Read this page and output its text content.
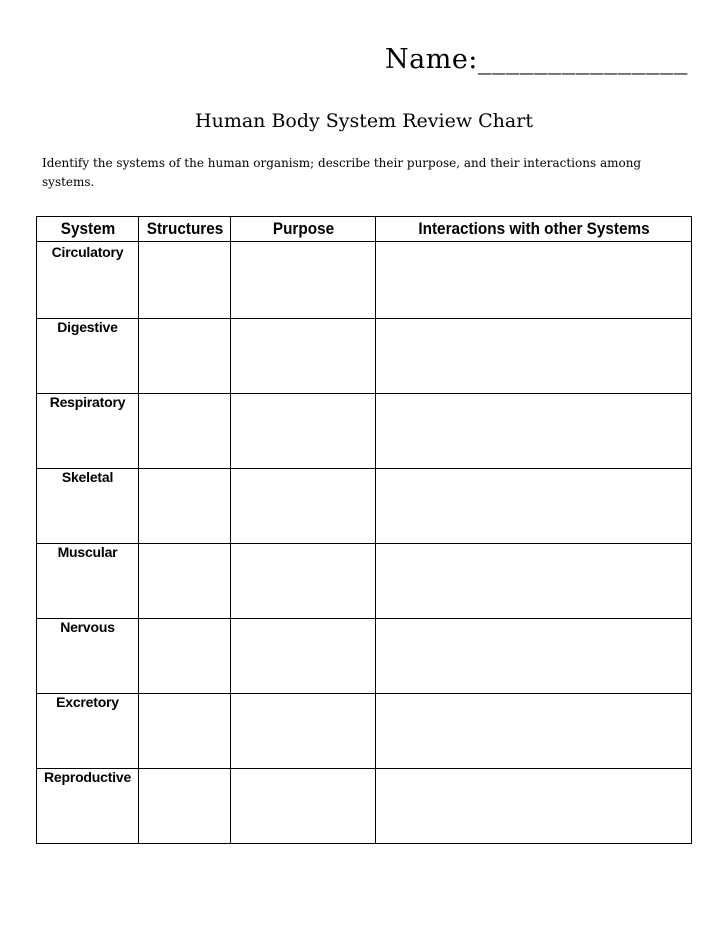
Name:_______________
Human Body System Review Chart
Identify the systems of the human organism; describe their purpose, and their interactions among systems.
System	Structures	Purpose	Interactions with other Systems
Circulatory			
Digestive			
Respiratory			
Skeletal			
Muscular			
Nervous			
Excretory			
Reproductive			
